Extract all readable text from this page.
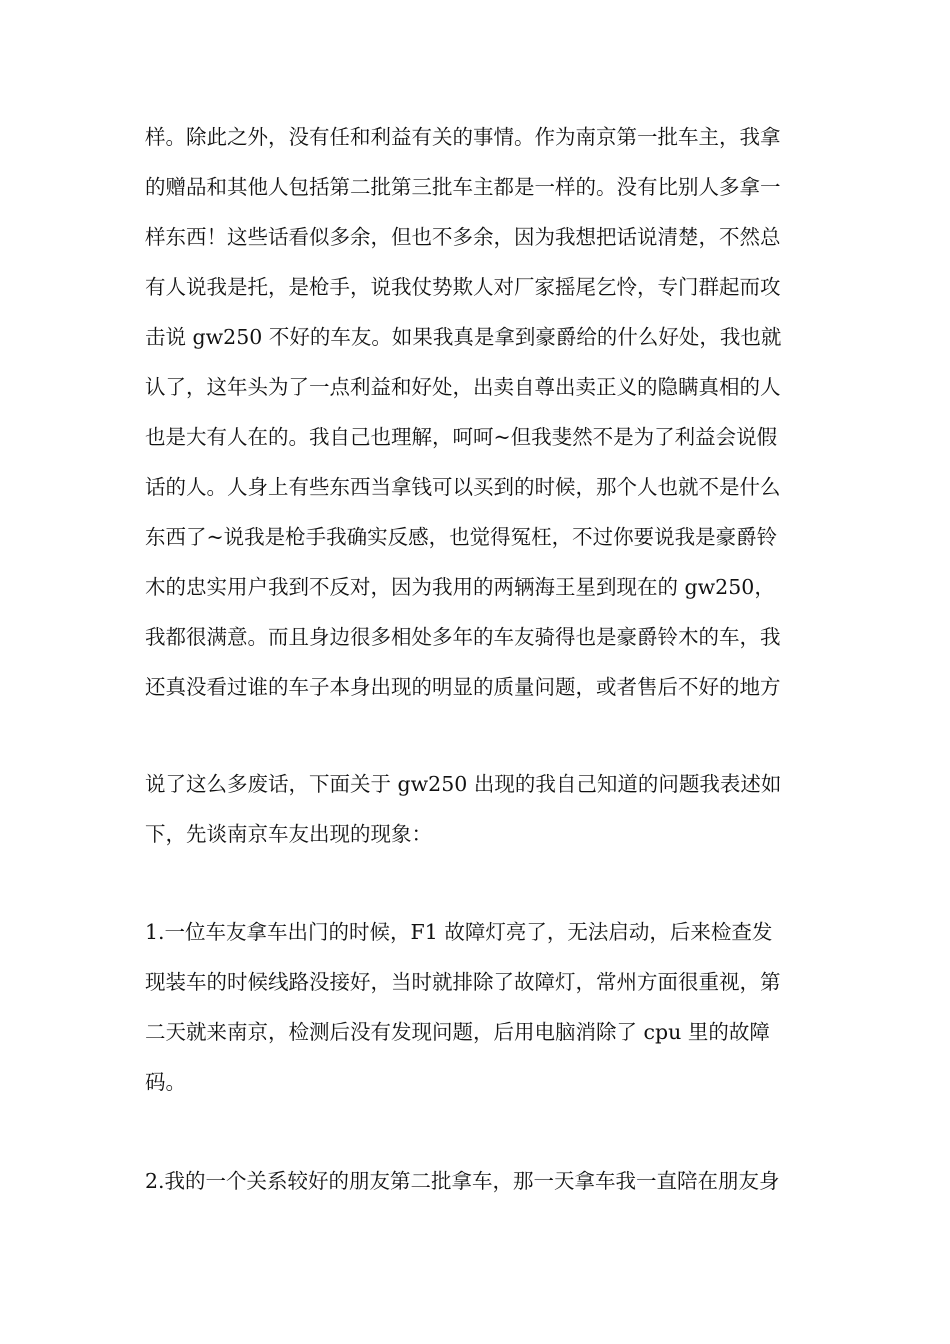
样。除此之外，没有任和利益有关的事情。作为南京第一批车主，我拿
的赠品和其他人包括第二批第三批车主都是一样的。没有比别人多拿一
样东西！这些话看似多余，但也不多余，因为我想把话说清楚，不然总
有人说我是托，是枪手，说我仗势欺人对厂家摇尾乞怜，专门群起而攻
击说 gw250 不好的车友。如果我真是拿到豪爵给的什么好处，我也就
认了，这年头为了一点利益和好处，出卖自尊出卖正义的隐瞒真相的人
也是大有人在的。我自己也理解，呵呵~但我斐然不是为了利益会说假
话的人。人身上有些东西当拿钱可以买到的时候，那个人也就不是什么
东西了~说我是枪手我确实反感，也觉得冤枉，不过你要说我是豪爵铃
木的忠实用户我到不反对，因为我用的两辆海王星到现在的 gw250，
我都很满意。而且身边很多相处多年的车友骑得也是豪爵铃木的车，我
还真没看过谁的车子本身出现的明显的质量问题，或者售后不好的地方
说了这么多废话，下面关于 gw250 出现的我自己知道的问题我表述如
下，先谈南京车友出现的现象：
1.一位车友拿车出门的时候，F1 故障灯亮了，无法启动，后来检查发
现装车的时候线路没接好，当时就排除了故障灯，常州方面很重视，第
二天就来南京，检测后没有发现问题，后用电脑消除了 cpu 里的故障
码。
2.我的一个关系较好的朋友第二批拿车，那一天拿车我一直陪在朋友身
